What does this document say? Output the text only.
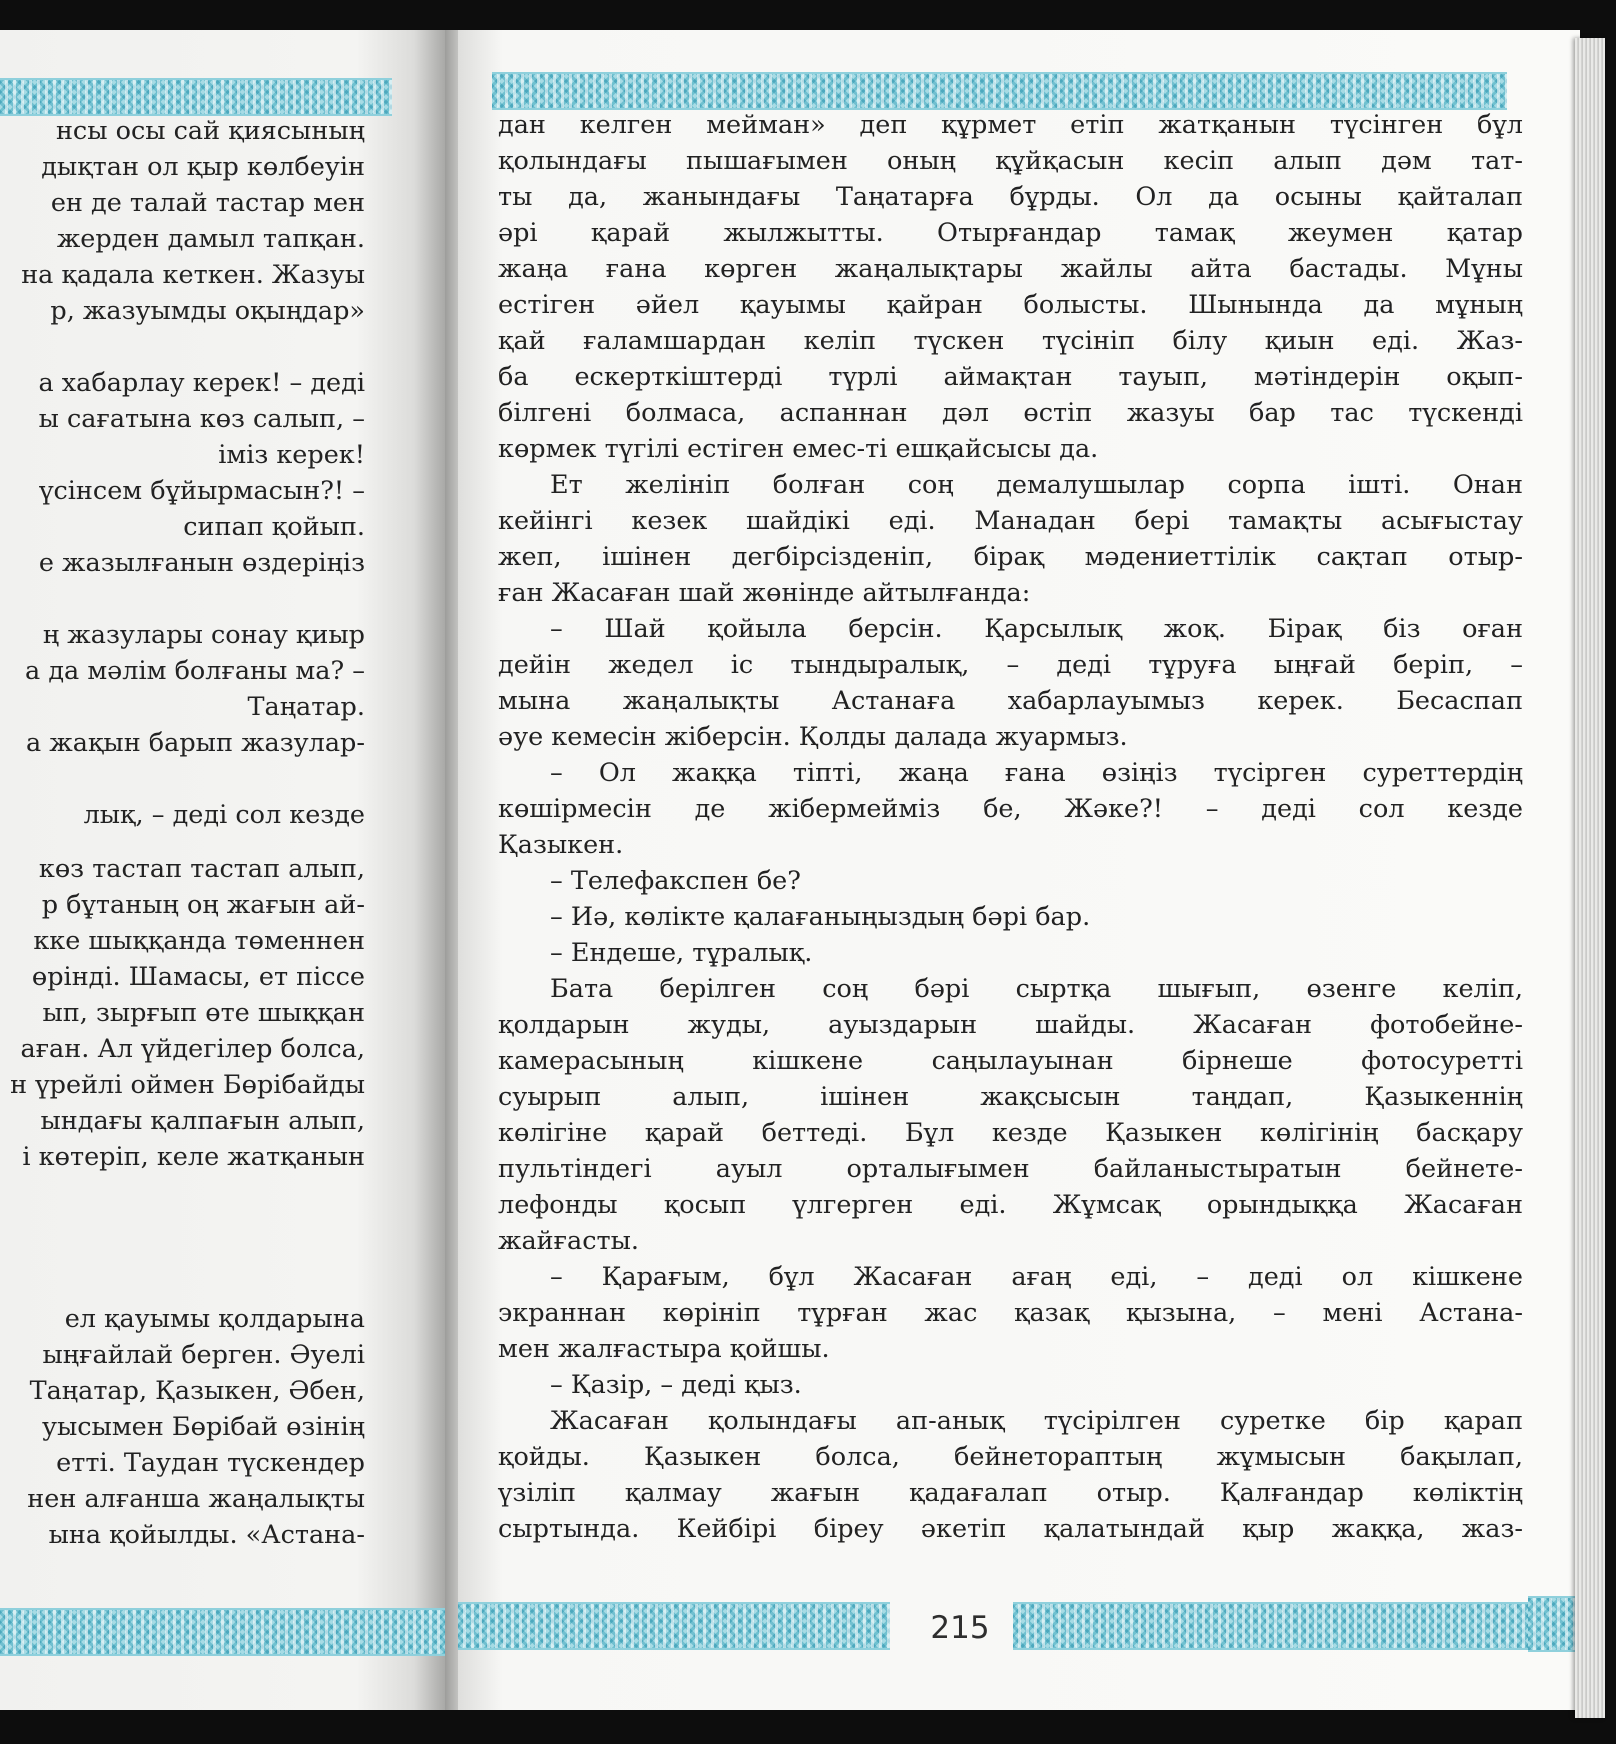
нсы осы сай қиясының
дықтан ол қыр көлбеуін
ен де талай тастар мен
жерден дамыл тапқан.
на қадала кеткен. Жазуы
р, жазуымды оқыңдар»
а хабарлау керек! – деді
ы сағатына көз салып, –
іміз керек!
үсінсем бұйырмасын?! –
сипап қойып.
е жазылғанын өздеріңіз
ң жазулары сонау қиыр
а да мәлім болғаны ма? –
Таңатар.
а жақын барып жазулар-
лық, – деді сол кезде
көз тастап тастап алып,
р бұтаның оң жағын ай-
кке шыққанда төменнен
өрінді. Шамасы, ет піссе
ып, зырғып өте шыққан
аған. Ал үйдегілер болса,
н үрейлі оймен Бөрібайды
ындағы қалпағын алып,
і көтеріп, келе жатқанын
ел қауымы қолдарына
ыңғайлай берген. Әуелі
Таңатар, Қазыкен, Әбен,
уысымен Бөрібай өзінің
етті. Таудан түскендер
нен алғанша жаңалықты
ына қойылды. «Астана-
дан келген мейман» деп құрмет етіп жатқанын түсінген бұл
қолындағы пышағымен оның құйқасын кесіп алып дәм тат-
ты да, жанындағы Таңатарға бұрды. Ол да осыны қайталап
әрі қарай жылжытты. Отырғандар тамақ жеумен қатар
жаңа ғана көрген жаңалықтары жайлы айта бастады. Мұны
естіген әйел қауымы қайран болысты. Шынында да мұның
қай ғаламшардан келіп түскен түсініп білу қиын еді. Жаз-
ба ескерткіштерді түрлі аймақтан тауып, мәтіндерін оқып-
білгені болмаса, аспаннан дәл өстіп жазуы бар тас түскенді
көрмек түгілі естіген емес-ті ешқайсысы да.
Ет желініп болған соң демалушылар сорпа ішті. Онан
кейінгі кезек шайдікі еді. Манадан бері тамақты асығыстау
жеп, ішінен дегбірсізденіп, бірақ мәдениеттілік сақтап отыр-
ған Жасаған шай жөнінде айтылғанда:
– Шай қойыла берсін. Қарсылық жоқ. Бірақ біз оған
дейін жедел іс тындыралық, – деді тұруға ыңғай беріп, –
мына жаңалықты Астанаға хабарлауымыз керек. Бесаспап
әуе кемесін жіберсін. Қолды далада жуармыз.
– Ол жаққа тіпті, жаңа ғана өзіңіз түсірген суреттердің
көшірмесін де жібермейміз бе, Жәке?! – деді сол кезде
Қазыкен.
– Телефакспен бе?
– Иә, көлікте қалағаныңыздың бәрі бар.
– Ендеше, тұралық.
Бата берілген соң бәрі сыртқа шығып, өзенге келіп,
қолдарын жуды, ауыздарын шайды. Жасаған фотобейне-
камерасының кішкене саңылауынан бірнеше фотосуретті
суырып алып, ішінен жақсысын таңдап, Қазыкеннің
көлігіне қарай беттеді. Бұл кезде Қазыкен көлігінің басқару
пультіндегі ауыл орталығымен байланыстыратын бейнете-
лефонды қосып үлгерген еді. Жұмсақ орындыққа Жасаған
жайғасты.
– Қарағым, бұл Жасаған ағаң еді, – деді ол кішкене
экраннан көрініп тұрған жас қазақ қызына, – мені Астана-
мен жалғастыра қойшы.
– Қазір, – деді қыз.
Жасаған қолындағы ап-анық түсірілген суретке бір қарап
қойды. Қазыкен болса, бейнетораптың жұмысын бақылап,
үзіліп қалмау жағын қадағалап отыр. Қалғандар көліктің
сыртында. Кейбірі біреу әкетіп қалатындай қыр жаққа, жаз-
215
